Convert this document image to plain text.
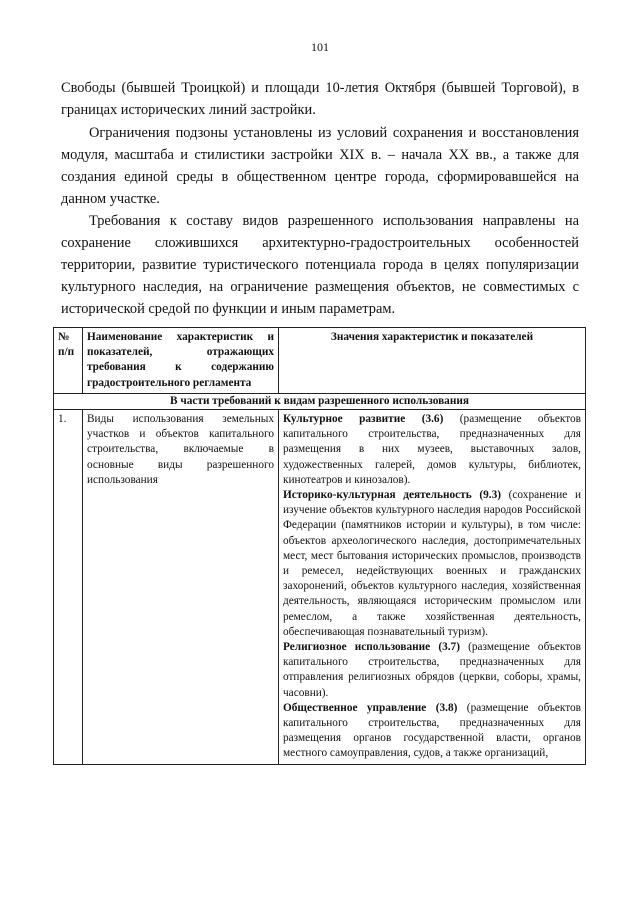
101

Свободы (бывшей Троицкой) и площади 10-летия Октября (бывшей Торговой), в границах исторических линий застройки.

Ограничения подзоны установлены из условий сохранения и восстановления модуля, масштаба и стилистики застройки XIX в. – начала XX вв., а также для создания единой среды в общественном центре города, сформировавшейся на данном участке.

Требования к составу видов разрешенного использования направлены на сохранение сложившихся архитектурно-градостроительных особенностей территории, развитие туристического потенциала города в целях популяризации культурного наследия, на ограничение размещения объектов, не совместимых с исторической средой по функции и иным параметрам.

№ п/п	Наименование характеристик и показателей, отражающих требования к содержанию градостроительного регламента	Значения характеристик и показателей
В части требований к видам разрешенного использования		
1.	Виды использования земельных участков и объектов капитального строительства, включаемые в основные виды разрешенного использования	Культурное развитие (3.6) (размещение объектов капитального строительства, предназначенных для размещения в них музеев, выставочных залов, художественных галерей, домов культуры, библиотек, кинотеатров и кинозалов).
Историко-культурная деятельность (9.3) (сохранение и изучение объектов культурного наследия народов Российской Федерации (памятников истории и культуры), в том числе: объектов археологического наследия, достопримечательных мест, мест бытования исторических промыслов, производств и ремесел, недействующих военных и гражданских захоронений, объектов культурного наследия, хозяйственная деятельность, являющаяся историческим промыслом или ремеслом, а также хозяйственная деятельность, обеспечивающая познавательный туризм).
Религиозное использование (3.7) (размещение объектов капитального строительства, предназначенных для отправления религиозных обрядов (церкви, соборы, храмы, часовни).
Общественное управление (3.8) (размещение объектов капитального строительства, предназначенных для размещения органов государственной власти, органов местного самоуправления, судов, а также организаций,
